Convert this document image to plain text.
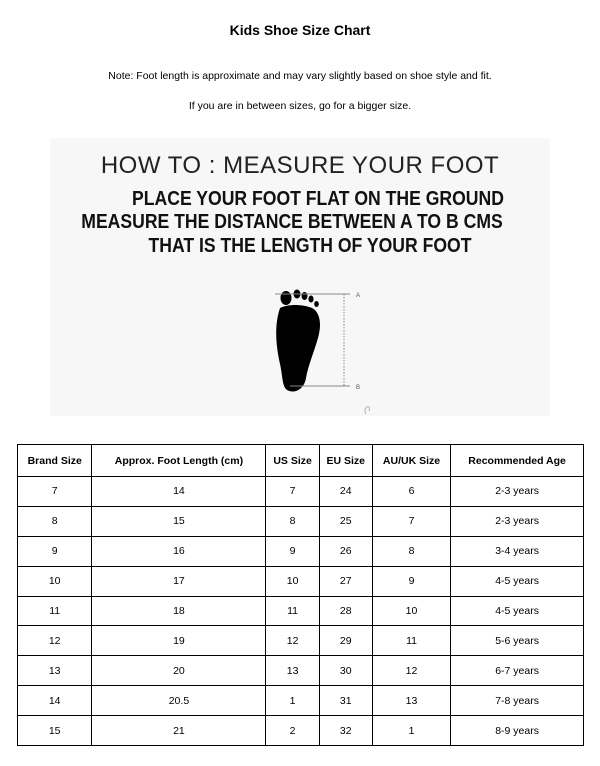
Kids Shoe Size Chart
Note: Foot length is approximate and may vary slightly based on shoe style and fit.
If you are in between sizes, go for a bigger size.
HOW TO : MEASURE YOUR FOOT
PLACE YOUR FOOT FLAT ON THE GROUND
MEASURE THE DISTANCE BETWEEN A TO B CMS
THAT IS THE LENGTH OF YOUR FOOT
A
B
Brand Size	Approx. Foot Length (cm)	US Size	EU Size	AU/UK Size	Recommended Age
7	14	7	24	6	2-3 years
8	15	8	25	7	2-3 years
9	16	9	26	8	3-4 years
10	17	10	27	9	4-5 years
11	18	11	28	10	4-5 years
12	19	12	29	11	5-6 years
13	20	13	30	12	6-7 years
14	20.5	1	31	13	7-8 years
15	21	2	32	1	8-9 years
